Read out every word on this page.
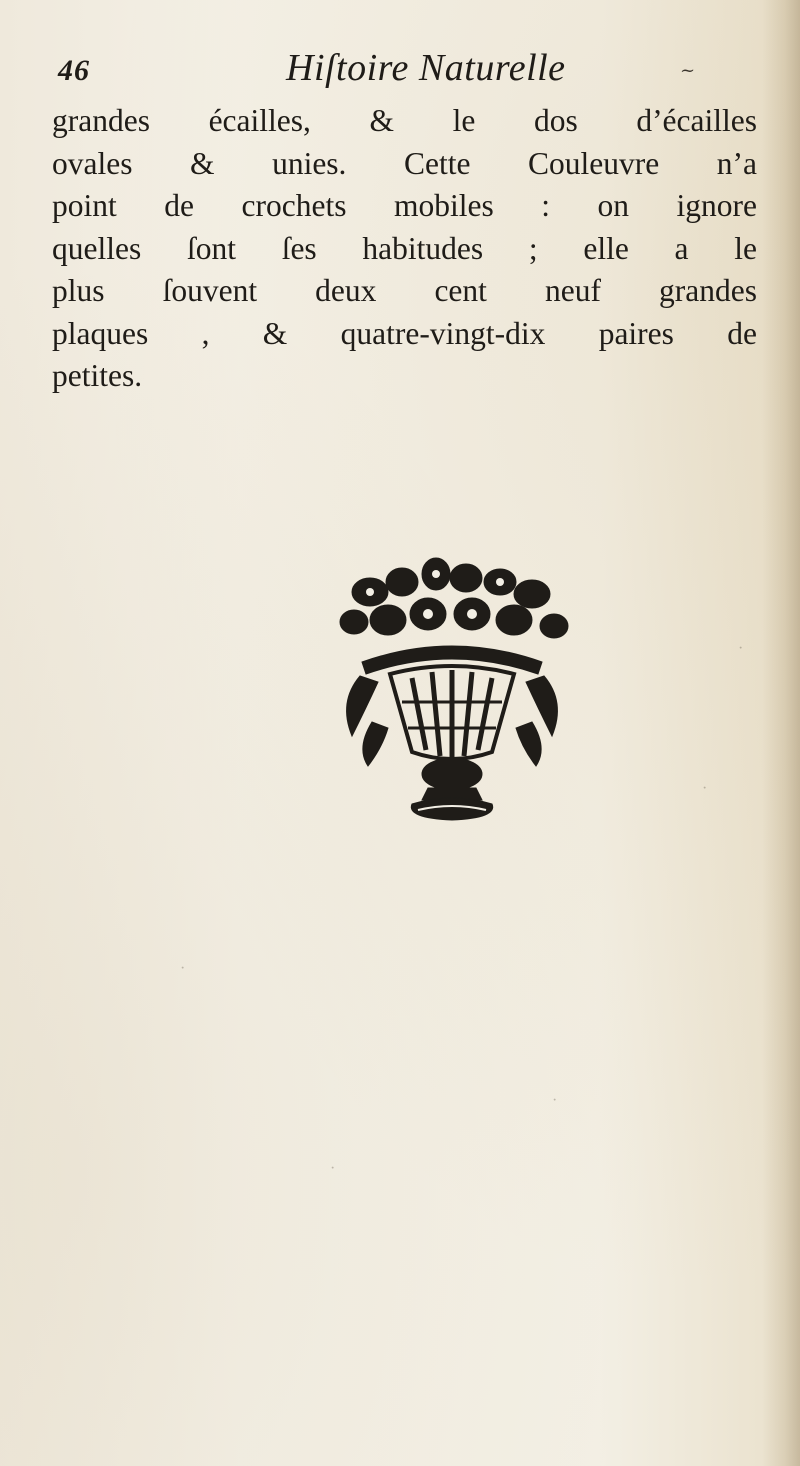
46	Hiſtoire Naturelle	~
grandes écailles, & le dos d’écailles
ovales & unies. Cette Couleuvre n’a
point de crochets mobiles : on ignore
quelles ſont ſes habitudes ; elle a le
plus ſouvent deux cent neuf grandes
plaques , & quatre-vingt-dix paires de
petites.
·
·
·
·
·
